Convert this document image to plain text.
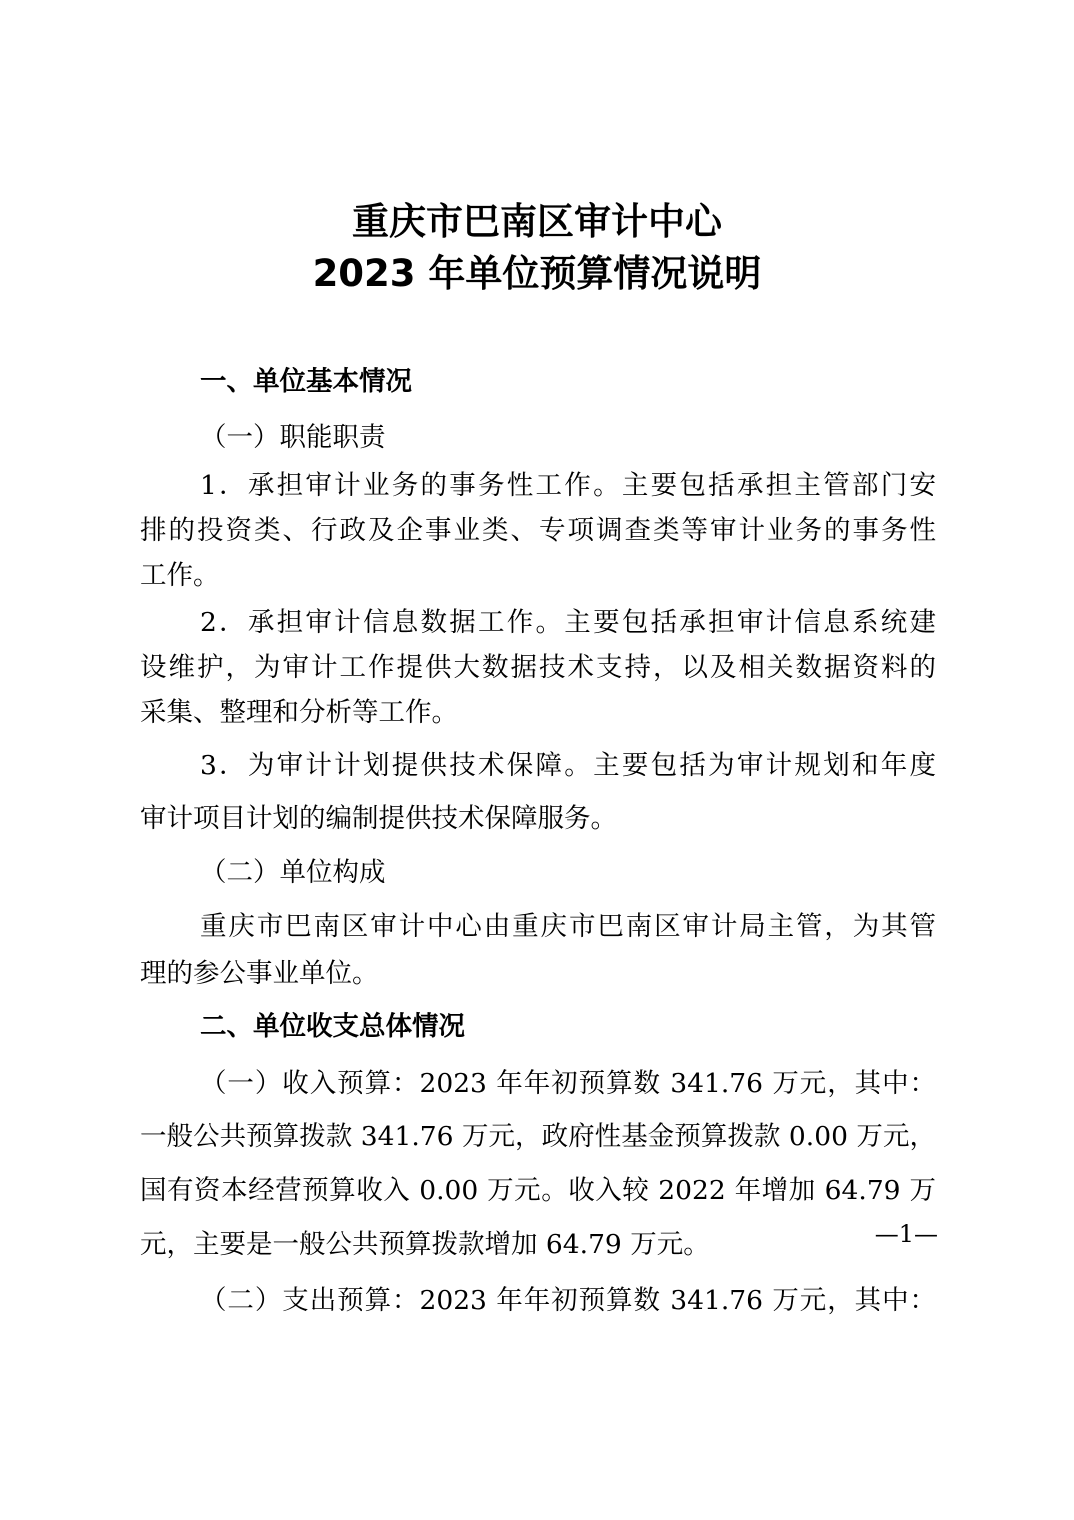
重庆市巴南区审计中心
2023 年单位预算情况说明

一、单位基本情况

（一）职能职责

1．承担审计业务的事务性工作。主要包括承担主管部门安

排的投资类、行政及企事业类、专项调查类等审计业务的事务性

工作。

2．承担审计信息数据工作。主要包括承担审计信息系统建

设维护，为审计工作提供大数据技术支持，以及相关数据资料的

采集、整理和分析等工作。

3．为审计计划提供技术保障。主要包括为审计规划和年度

审计项目计划的编制提供技术保障服务。

（二）单位构成

重庆市巴南区审计中心由重庆市巴南区审计局主管，为其管

理的参公事业单位。

二、单位收支总体情况

（一）收入预算：2023 年年初预算数 341.76 万元，其中：

一般公共预算拨款 341.76 万元，政府性基金预算拨款 0.00 万元，

国有资本经营预算收入 0.00 万元。收入较 2022 年增加 64.79 万

元，主要是一般公共预算拨款增加 64.79 万元。

（二）支出预算：2023 年年初预算数 341.76 万元，其中：

—1—
